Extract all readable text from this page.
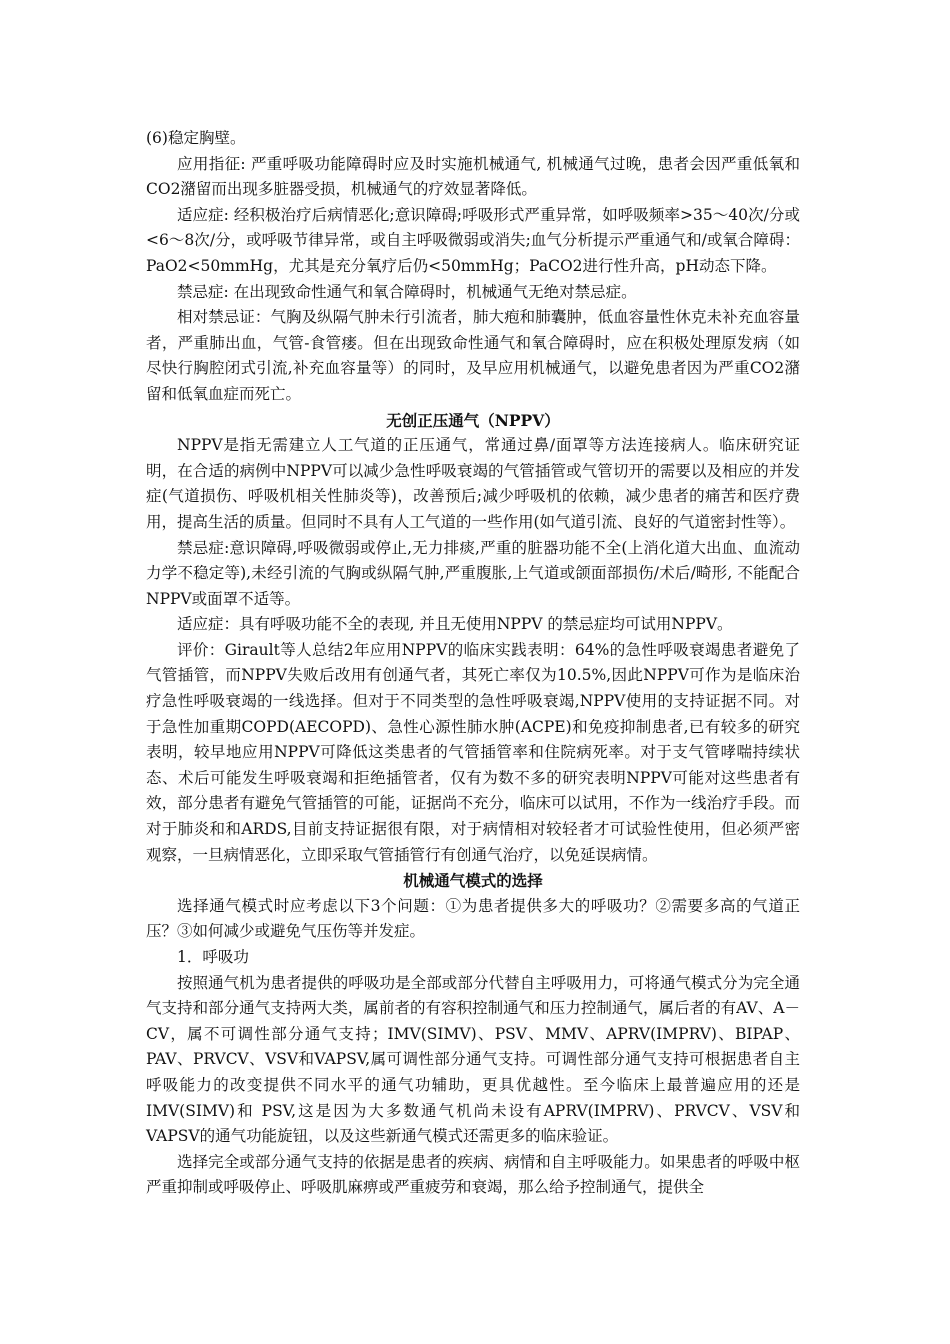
(6)稳定胸壁。

应用指征: 严重呼吸功能障碍时应及时实施机械通气, 机械通气过晚，患者会因严重低氧和CO2潴留而出现多脏器受损，机械通气的疗效显著降低。

适应症: 经积极治疗后病情恶化;意识障碍;呼吸形式严重异常，如呼吸频率>35～40次/分或<6～8次/分，或呼吸节律异常，或自主呼吸微弱或消失;血气分析提示严重通气和/或氧合障碍：PaO2<50mmHg，尤其是充分氧疗后仍<50mmHg；PaCO2进行性升高，pH动态下降。

禁忌症: 在出现致命性通气和氧合障碍时，机械通气无绝对禁忌症。

相对禁忌证：气胸及纵隔气肿未行引流者，肺大疱和肺囊肿，低血容量性休克未补充血容量者，严重肺出血，气管-食管瘘。但在出现致命性通气和氧合障碍时，应在积极处理原发病（如尽快行胸腔闭式引流,补充血容量等）的同时，及早应用机械通气，以避免患者因为严重CO2潴留和低氧血症而死亡。

无创正压通气（NPPV）

NPPV是指无需建立人工气道的正压通气，常通过鼻/面罩等方法连接病人。临床研究证明，在合适的病例中NPPV可以减少急性呼吸衰竭的气管插管或气管切开的需要以及相应的并发症(气道损伤、呼吸机相关性肺炎等)，改善预后;减少呼吸机的依赖，减少患者的痛苦和医疗费用，提高生活的质量。但同时不具有人工气道的一些作用(如气道引流、良好的气道密封性等）。

禁忌症:意识障碍,呼吸微弱或停止,无力排痰,严重的脏器功能不全(上消化道大出血、血流动力学不稳定等),未经引流的气胸或纵隔气肿,严重腹胀,上气道或颌面部损伤/术后/畸形, 不能配合NPPV或面罩不适等。

适应症：具有呼吸功能不全的表现, 并且无使用NPPV 的禁忌症均可试用NPPV。

评价：Girault等人总结2年应用NPPV的临床实践表明：64%的急性呼吸衰竭患者避免了气管插管，而NPPV失败后改用有创通气者，其死亡率仅为10.5%,因此NPPV可作为是临床治疗急性呼吸衰竭的一线选择。但对于不同类型的急性呼吸衰竭,NPPV使用的支持证据不同。对于急性加重期COPD(AECOPD)、急性心源性肺水肿(ACPE)和免疫抑制患者,已有较多的研究表明，较早地应用NPPV可降低这类患者的气管插管率和住院病死率。对于支气管哮喘持续状态、术后可能发生呼吸衰竭和拒绝插管者，仅有为数不多的研究表明NPPV可能对这些患者有效，部分患者有避免气管插管的可能，证据尚不充分，临床可以试用，不作为一线治疗手段。而对于肺炎和和ARDS,目前支持证据很有限，对于病情相对较轻者才可试验性使用，但必须严密观察，一旦病情恶化，立即采取气管插管行有创通气治疗，以免延误病情。

机械通气模式的选择

选择通气模式时应考虑以下3个问题：①为患者提供多大的呼吸功？②需要多高的气道正压？③如何减少或避免气压伤等并发症。

1．呼吸功

按照通气机为患者提供的呼吸功是全部或部分代替自主呼吸用力，可将通气模式分为完全通气支持和部分通气支持两大类，属前者的有容积控制通气和压力控制通气，属后者的有AV、A－CV，属不可调性部分通气支持；IMV(SIMV)、PSV、MMV、APRV(IMPRV)、BIPAP、PAV、PRVCV、VSV和VAPSV,属可调性部分通气支持。可调性部分通气支持可根据患者自主呼吸能力的改变提供不同水平的通气功辅助，更具优越性。至今临床上最普遍应用的还是 IMV(SIMV)和 PSV,这是因为大多数通气机尚未设有APRV(IMPRV)、PRVCV、VSV和VAPSV的通气功能旋钮，以及这些新通气模式还需更多的临床验证。

选择完全或部分通气支持的依据是患者的疾病、病情和自主呼吸能力。如果患者的呼吸中枢严重抑制或呼吸停止、呼吸肌麻痹或严重疲劳和衰竭，那么给予控制通气，提供全
